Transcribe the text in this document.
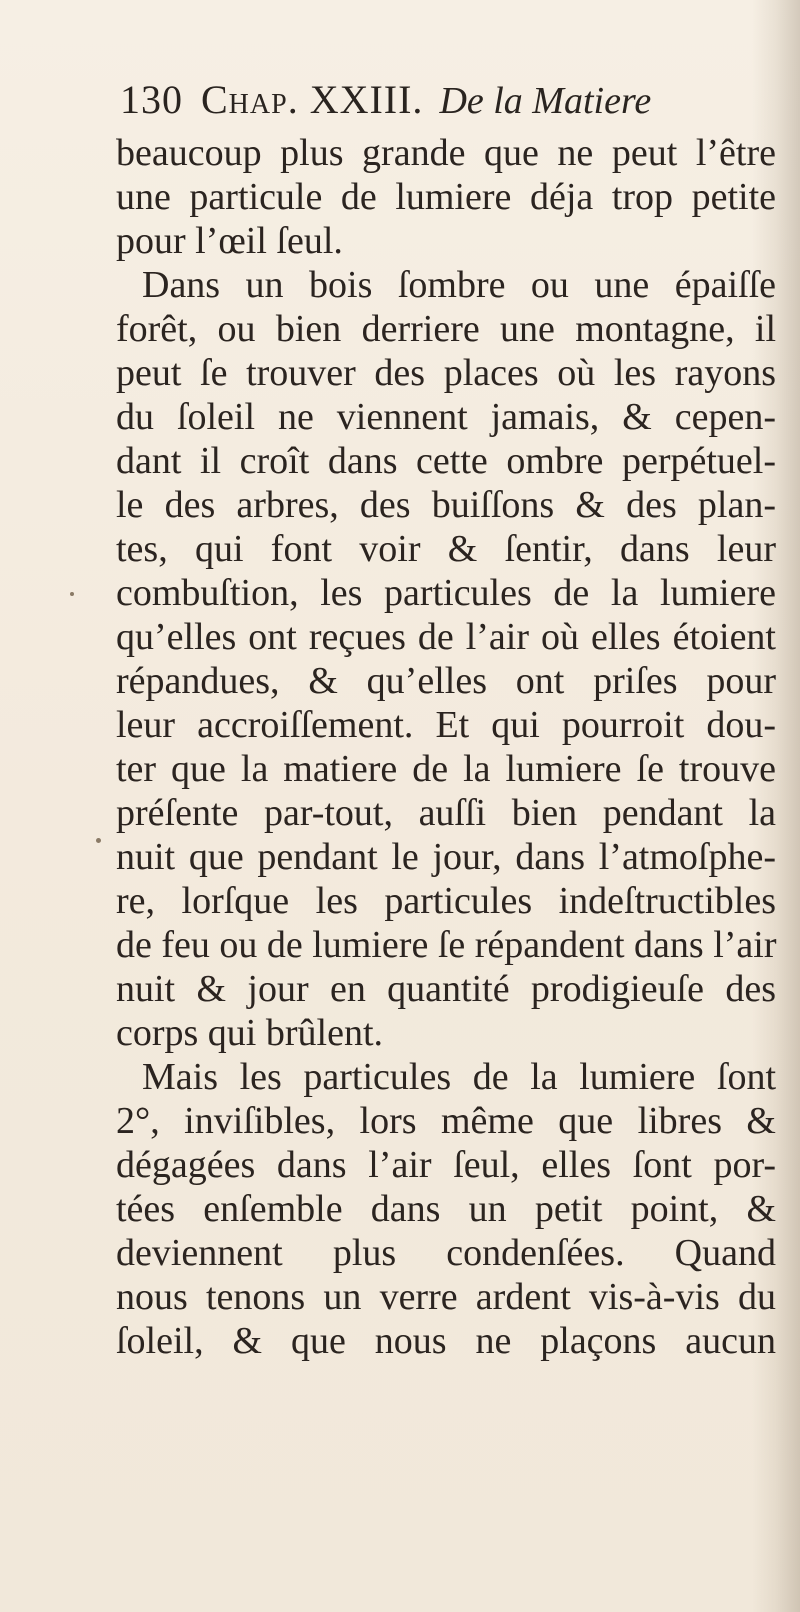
130 Chap. XXIII. De la Matiere
beaucoup plus grande que ne peut l’être
une particule de lumiere déja trop petite
pour l’œil ſeul.
Dans un bois ſombre ou une épaiſſe
forêt, ou bien derriere une montagne, il
peut ſe trouver des places où les rayons
du ſoleil ne viennent jamais, & cepen-
dant il croît dans cette ombre perpétuel-
le des arbres, des buiſſons & des plan-
tes, qui font voir & ſentir, dans leur
combuſtion, les particules de la lumiere
qu’elles ont reçues de l’air où elles étoient
répandues, & qu’elles ont priſes pour
leur accroiſſement. Et qui pourroit dou-
ter que la matiere de la lumiere ſe trouve
préſente par-tout, auſſi bien pendant la
nuit que pendant le jour, dans l’atmoſphe-
re, lorſque les particules indeſtructibles
de feu ou de lumiere ſe répandent dans l’air
nuit & jour en quantité prodigieuſe des
corps qui brûlent.
Mais les particules de la lumiere ſont
2°, inviſibles, lors même que libres &
dégagées dans l’air ſeul, elles ſont por-
tées enſemble dans un petit point, &
deviennent plus condenſées. Quand
nous tenons un verre ardent vis-à-vis du
ſoleil, & que nous ne plaçons aucun
